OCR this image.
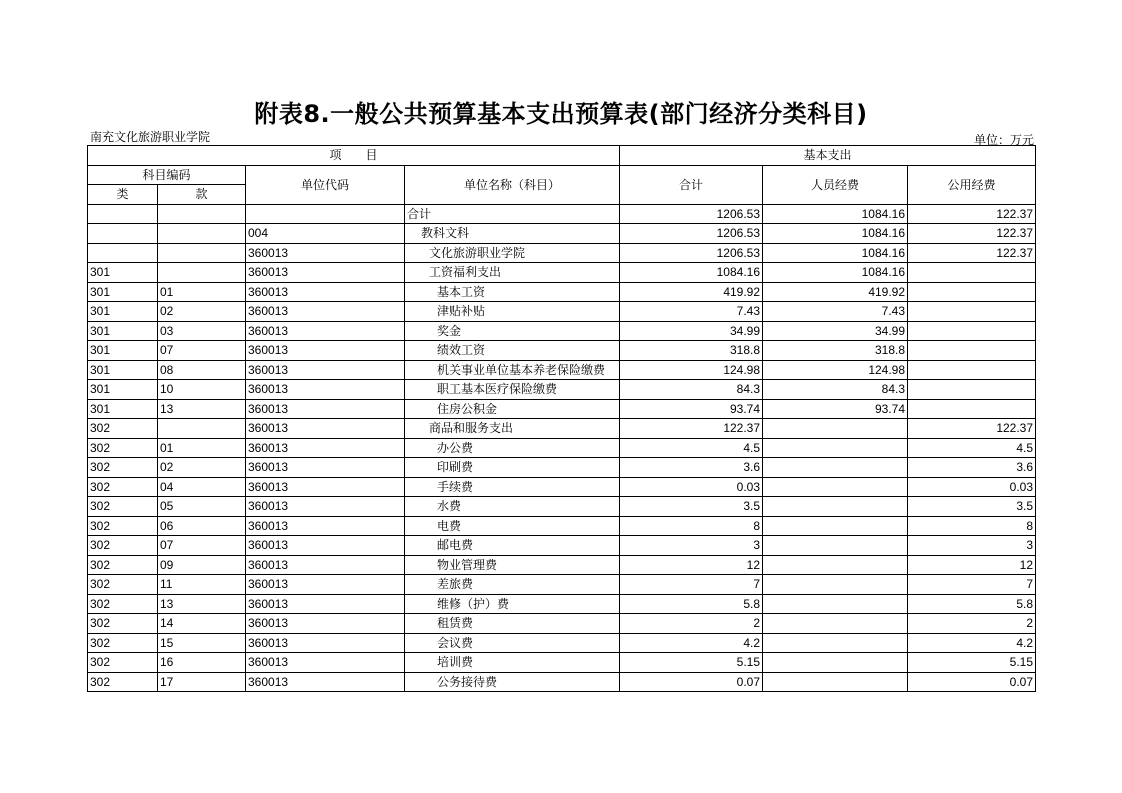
附表8.一般公共预算基本支出预算表(部门经济分类科目)
南充文化旅游职业学院	单位：万元
项　　目				基本支出		
科目编码		单位代码	单位名称（科目）	合计	人员经费	公用经费
类	款					
			合计	1206.53	1084.16	122.37
		004	教科文科	1206.53	1084.16	122.37
		360013	文化旅游职业学院	1206.53	1084.16	122.37
301		360013	工资福利支出	1084.16	1084.16	
301	01	360013	基本工资	419.92	419.92	
301	02	360013	津贴补贴	7.43	7.43	
301	03	360013	奖金	34.99	34.99	
301	07	360013	绩效工资	318.8	318.8	
301	08	360013	机关事业单位基本养老保险缴费	124.98	124.98	
301	10	360013	职工基本医疗保险缴费	84.3	84.3	
301	13	360013	住房公积金	93.74	93.74	
302		360013	商品和服务支出	122.37		122.37
302	01	360013	办公费	4.5		4.5
302	02	360013	印刷费	3.6		3.6
302	04	360013	手续费	0.03		0.03
302	05	360013	水费	3.5		3.5
302	06	360013	电费	8		8
302	07	360013	邮电费	3		3
302	09	360013	物业管理费	12		12
302	11	360013	差旅费	7		7
302	13	360013	维修（护）费	5.8		5.8
302	14	360013	租赁费	2		2
302	15	360013	会议费	4.2		4.2
302	16	360013	培训费	5.15		5.15
302	17	360013	公务接待费	0.07		0.07
